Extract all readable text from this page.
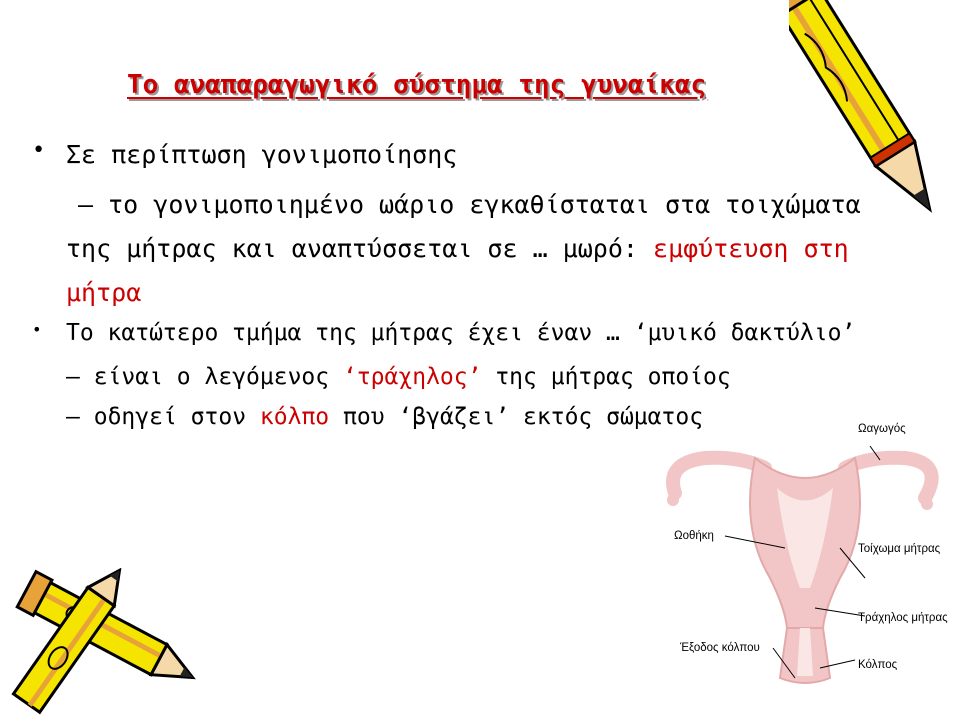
Το αναπαραγωγικό σύστημα της γυναίκας
• Σε περίπτωση γονιμοποίησης
– το γονιμοποιημένο ωάριο εγκαθίσταται στα τοιχώματα
της μήτρας και αναπτύσσεται σε … μωρό: εμφύτευση στη
μήτρα
• Το κατώτερο τμήμα της μήτρας έχει έναν … ‘μυικό δακτύλιο’
– είναι ο λεγόμενος ‘τράχηλος’ της μήτρας οποίος
– οδηγεί στον κόλπο που ‘βγάζει’ εκτός σώματος	Ωαγωγός
Ωοθήκη
Τοίχωμα μήτρας
Τράχηλος μήτρας
Έξοδος κόλπου
Κόλπος
